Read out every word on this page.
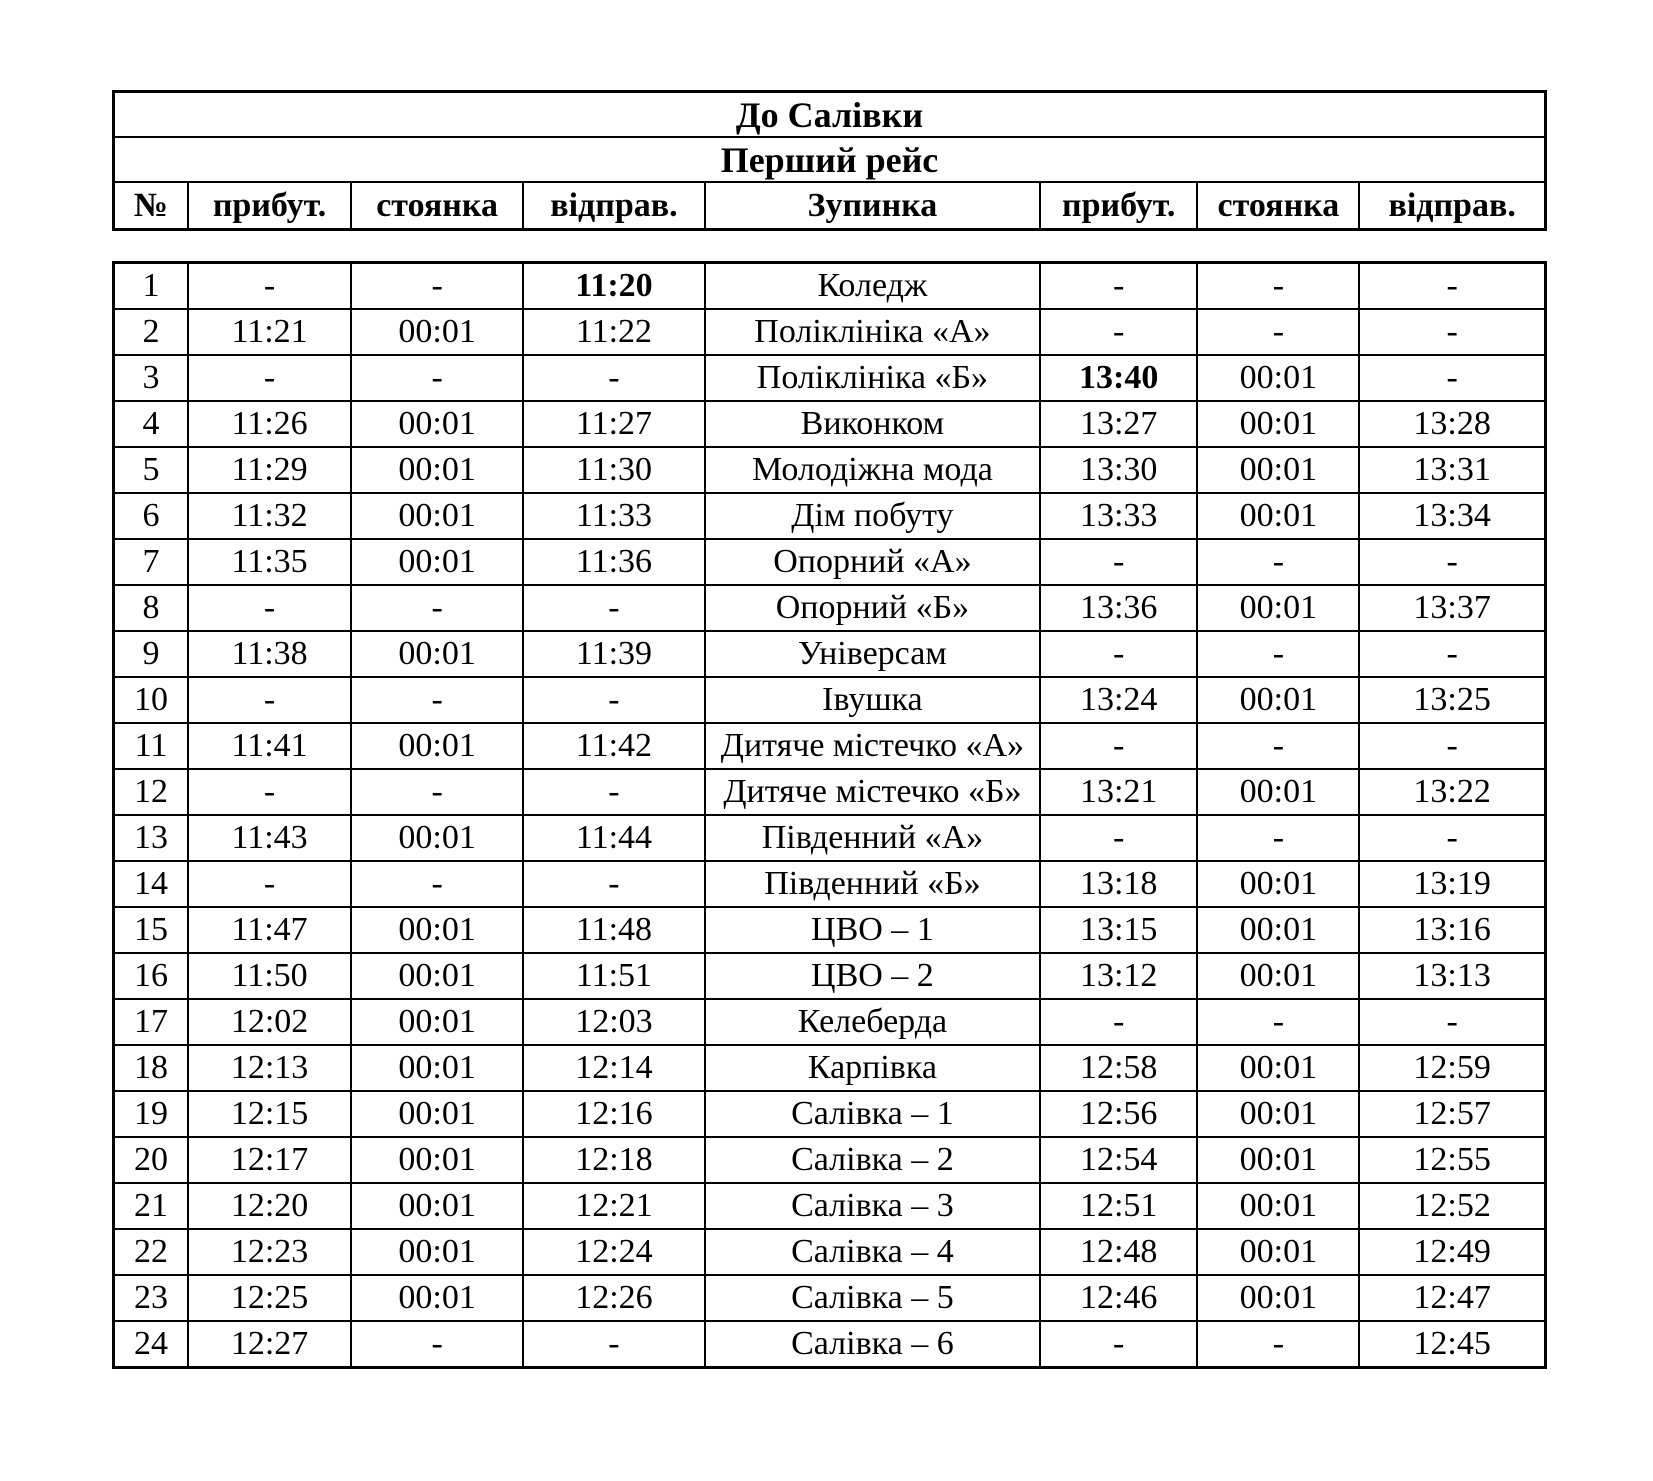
До Салівки
Перший рейс
№	прибут.	стоянка	відправ.	Зупинка	прибут.	стоянка	відправ.
1	-	-	11:20	Коледж	-	-	-
2	11:21	00:01	11:22	Поліклініка «А»	-	-	-
3	-	-	-	Поліклініка «Б»	13:40	00:01	-
4	11:26	00:01	11:27	Виконком	13:27	00:01	13:28
5	11:29	00:01	11:30	Молодіжна мода	13:30	00:01	13:31
6	11:32	00:01	11:33	Дім побуту	13:33	00:01	13:34
7	11:35	00:01	11:36	Опорний «А»	-	-	-
8	-	-	-	Опорний «Б»	13:36	00:01	13:37
9	11:38	00:01	11:39	Універсам	-	-	-
10	-	-	-	Івушка	13:24	00:01	13:25
11	11:41	00:01	11:42	Дитяче містечко «А»	-	-	-
12	-	-	-	Дитяче містечко «Б»	13:21	00:01	13:22
13	11:43	00:01	11:44	Південний «А»	-	-	-
14	-	-	-	Південний «Б»	13:18	00:01	13:19
15	11:47	00:01	11:48	ЦВО – 1	13:15	00:01	13:16
16	11:50	00:01	11:51	ЦВО – 2	13:12	00:01	13:13
17	12:02	00:01	12:03	Келеберда	-	-	-
18	12:13	00:01	12:14	Карпівка	12:58	00:01	12:59
19	12:15	00:01	12:16	Салівка – 1	12:56	00:01	12:57
20	12:17	00:01	12:18	Салівка – 2	12:54	00:01	12:55
21	12:20	00:01	12:21	Салівка – 3	12:51	00:01	12:52
22	12:23	00:01	12:24	Салівка – 4	12:48	00:01	12:49
23	12:25	00:01	12:26	Салівка – 5	12:46	00:01	12:47
24	12:27	-	-	Салівка – 6	-	-	12:45
